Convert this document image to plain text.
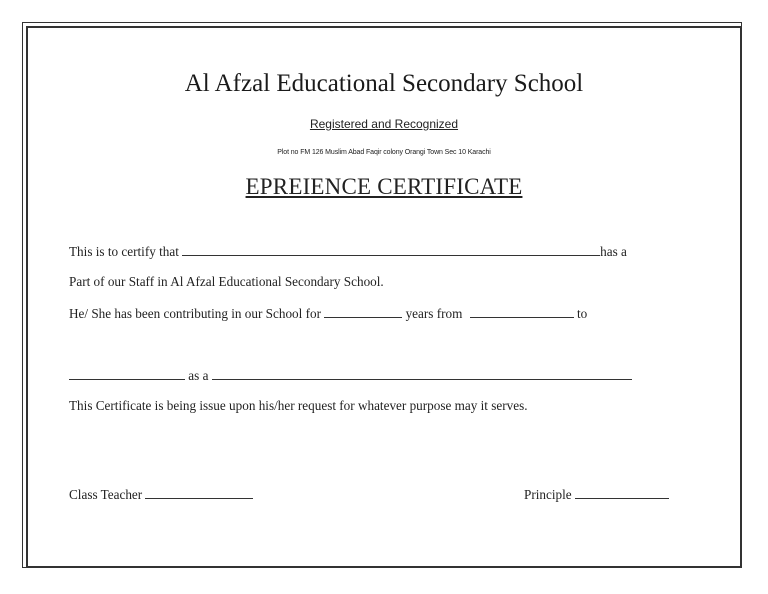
Al Afzal Educational Secondary School
Registered and Recognized
Plot no FM 126 Muslim Abad Faqir colony Orangi Town Sec 10 Karachi
EPREIENCE CERTIFICATE
This is to certify that	has a
Part of our Staff in Al Afzal Educational Secondary School.
He/ She has been contributing in our School for	years from	to
as a
This Certificate is being issue upon his/her request for whatever purpose may it serves.
Class Teacher	Principle
